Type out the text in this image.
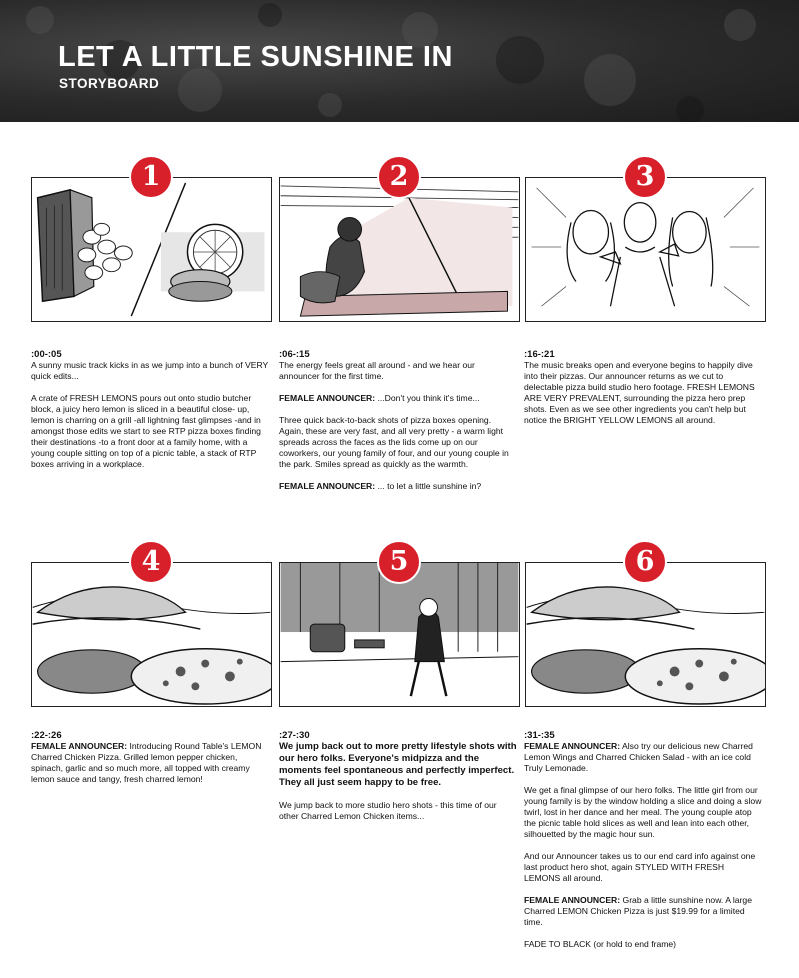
LET A LITTLE SUNSHINE IN
STORYBOARD
1	2	3
:00-:05

A sunny music track kicks in as we jump into a bunch of VERY quick edits...

A crate of FRESH LEMONS pours out onto studio butcher block, a juicy hero lemon is sliced in a beautiful close- up, lemon is charring on a grill -all lightning fast glimpses -and in amongst those edits we start to see RTP pizza boxes finding their destinations -to a front door at a family home, with a young couple sitting on top of a picnic table, a stack of RTP boxes arriving in a workplace.

:06-:15

The energy feels great all around - and we hear our announcer for the first time.

FEMALE ANNOUNCER: ...Don't you think it's time...

Three quick back-to-back shots of pizza boxes opening. Again, these are very fast, and all very pretty - a warm light spreads across the faces as the lids come up on our coworkers, our young family of four, and our young couple in the park. Smiles spread as quickly as the warmth.

FEMALE ANNOUNCER: ... to let a little sunshine in?

:16-:21

The music breaks open and everyone begins to happily dive into their pizzas. Our announcer returns as we cut to delectable pizza build studio hero footage. FRESH LEMONS ARE VERY PREVALENT, surrounding the pizza hero prep shots. Even as we see other ingredients you can't help but notice the BRIGHT YELLOW LEMONS all around.

4	5	6
:22-:26

FEMALE ANNOUNCER: Introducing Round Table's LEMON Charred Chicken Pizza. Grilled lemon pepper chicken, spinach, garlic and so much more, all topped with creamy lemon sauce and tangy, fresh charred lemon!

:27-:30

We jump back out to more pretty lifestyle shots with our hero folks. Everyone's midpizza and the moments feel spontaneous and perfectly imperfect. They all just seem happy to be free.

We jump back to more studio hero shots - this time of our other Charred Lemon Chicken items...

:31-:35

FEMALE ANNOUNCER: Also try our delicious new Charred Lemon Wings and Charred Chicken Salad - with an ice cold Truly Lemonade.

We get a final glimpse of our hero folks. The little girl from our young family is by the window holding a slice and doing a slow twirl, lost in her dance and her meal. The young couple atop the picnic table hold slices as well and lean into each other, silhouetted by the magic hour sun.

And our Announcer takes us to our end card info against one last product hero shot, again STYLED WITH FRESH LEMONS all around.

FEMALE ANNOUNCER: Grab a little sunshine now. A large Charred LEMON Chicken Pizza is just $19.99 for a limited time.

FADE TO BLACK (or hold to end frame)
